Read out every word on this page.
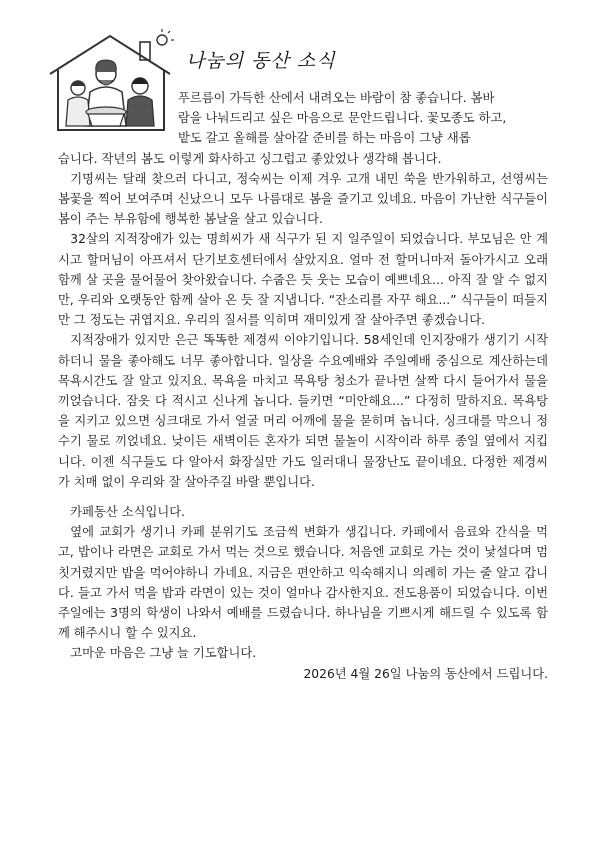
나눔의 동산 소식

푸르름이 가득한 산에서 내려오는 바람이 참 좋습니다. 봄바

람을 나눠드리고 싶은 마음으로 문안드립니다. 꽃모종도 하고,

밭도 갈고 올해를 살아갈 준비를 하는 마음이 그냥 새롭

습니다. 작년의 봄도 이렇게 화사하고 싱그럽고 좋았었나 생각해 봅니다.

기명씨는 달래 찾으러 다니고, 정숙씨는 이제 겨우 고개 내민 쑥을 반가워하고, 선영씨는 봄꽃을 찍어 보여주며 신났으니 모두 나름대로 봄을 즐기고 있네요. 마음이 가난한 식구들이 봄이 주는 부유함에 행복한 봄날을 살고 있습니다.

32살의 지적장애가 있는 명희씨가 새 식구가 된 지 일주일이 되었습니다. 부모님은 안 계시고 할머님이 아프셔서 단기보호센터에서 살았지요. 얼마 전 할머니마저 돌아가시고 오래 함께 살 곳을 물어물어 찾아왔습니다. 수줍은 듯 웃는 모습이 예쁘네요... 아직 잘 알 수 없지만, 우리와 오랫동안 함께 살아 온 듯 잘 지냅니다. “잔소리를 자꾸 해요...” 식구들이 떠들지만 그 정도는 귀엽지요. 우리의 질서를 익히며 재미있게 잘 살아주면 좋겠습니다.

지적장애가 있지만 은근 똑똑한 제경씨 이야기입니다. 58세인데 인지장애가 생기기 시작하더니 물을 좋아해도 너무 좋아합니다. 일상을 수요예배와 주일예배 중심으로 계산하는데 목욕시간도 잘 알고 있지요. 목욕을 마치고 목욕탕 청소가 끝나면 살짝 다시 들어가서 물을 끼얹습니다. 잠옷 다 적시고 신나게 놉니다. 들키면 “미안해요...” 다정히 말하지요. 목욕탕을 지키고 있으면 싱크대로 가서 얼굴 머리 어깨에 물을 묻히며 놉니다. 싱크대를 막으니 정수기 물로 끼얹네요. 낮이든 새벽이든 혼자가 되면 물놀이 시작이라 하루 종일 옆에서 지킵니다. 이젠 식구들도 다 알아서 화장실만 가도 일러대니 물장난도 끝이네요. 다정한 제경씨가 치매 없이 우리와 잘 살아주길 바랄 뿐입니다.

카페동산 소식입니다.

옆에 교회가 생기니 카페 분위기도 조금씩 변화가 생깁니다. 카페에서 음료와 간식을 먹고, 밥이나 라면은 교회로 가서 먹는 것으로 했습니다. 처음엔 교회로 가는 것이 낯설다며 멈칫거렸지만 밥을 먹어야하니 가네요. 지금은 편안하고 익숙해지니 의례히 가는 줄 알고 갑니다. 들고 가서 먹을 밥과 라면이 있는 것이 얼마나 감사한지요. 전도용품이 되었습니다. 이번 주일에는 3명의 학생이 나와서 예배를 드렸습니다. 하나님을 기쁘시게 해드릴 수 있도록 함께 해주시니 할 수 있지요.

고마운 마음은 그냥 늘 기도합니다.

2026년 4월 26일 나눔의 동산에서 드립니다.
